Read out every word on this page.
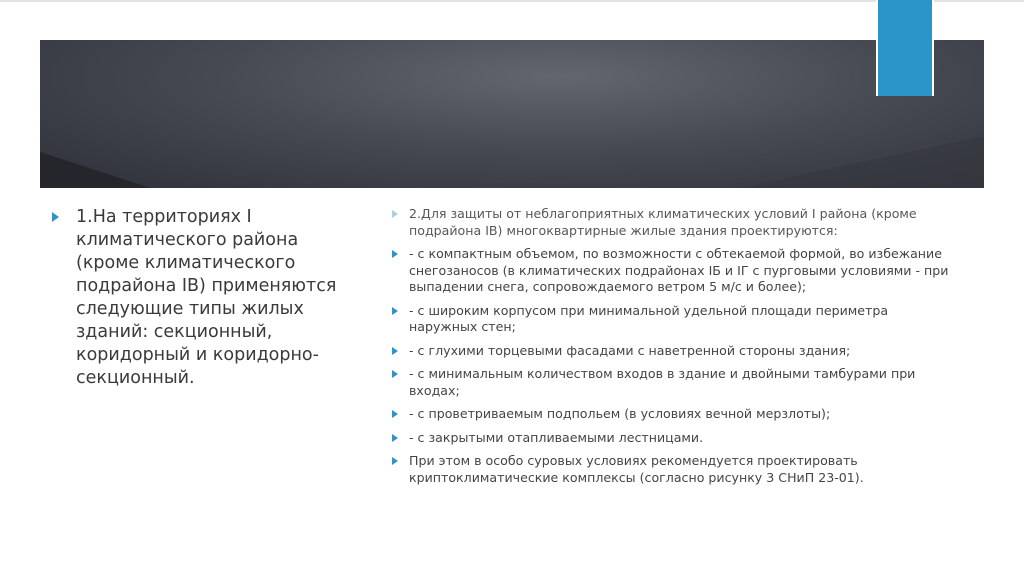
1.На территориях I климатического района (кроме климатического подрайона IВ) применяются следующие типы жилых зданий: секционный, коридорный и коридорно-секционный.
2.Для защиты от неблагоприятных климатических условий I района (кроме подрайона IВ) многоквартирные жилые здания проектируются:
- с компактным объемом, по возможности с обтекаемой формой, во избежание снегозаносов (в климатических подрайонах IБ и IГ с пурговыми условиями - при выпадении снега, сопровождаемого ветром 5 м/с и более);
- с широким корпусом при минимальной удельной площади периметра наружных стен;
- с глухими торцевыми фасадами с наветренной стороны здания;
- с минимальным количеством входов в здание и двойными тамбурами при входах;
- с проветриваемым подпольем (в условиях вечной мерзлоты);
- с закрытыми отапливаемыми лестницами.
При этом в особо суровых условиях рекомендуется проектировать криптоклиматические комплексы (согласно рисунку 3 СНиП 23-01).
